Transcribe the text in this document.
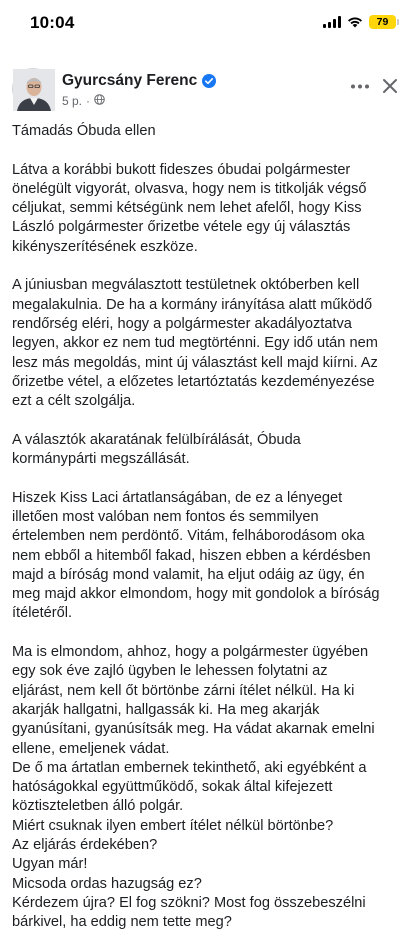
10:04	79
Gyurcsány Ferenc
5 p. ·

Támadás Óbuda ellen

Látva a korábbi bukott fideszes óbudai polgármester
önelégült vigyorát, olvasva, hogy nem is titkolják végső
céljukat, semmi kétségünk nem lehet afelől, hogy Kiss
László polgármester őrizetbe vétele egy új választás
kikényszerítésének eszköze.

A júniusban megválasztott testületnek októberben kell
megalakulnia. De ha a kormány irányítása alatt működő
rendőrség eléri, hogy a polgármester akadályoztatva
legyen, akkor ez nem tud megtörténni. Egy idő után nem
lesz más megoldás, mint új választást kell majd kiírni. Az
őrizetbe vétel, a előzetes letartóztatás kezdeményezése
ezt a célt szolgálja.

A választók akaratának felülbírálását, Óbuda
kormánypárti megszállását.

Hiszek Kiss Laci ártatlanságában, de ez a lényeget
illetően most valóban nem fontos és semmilyen
értelemben nem perdöntő. Vitám, felháborodásom oka
nem ebből a hitemből fakad, hiszen ebben a kérdésben
majd a bíróság mond valamit, ha eljut odáig az ügy, én
meg majd akkor elmondom, hogy mit gondolok a bíróság
ítéletéről.

Ma is elmondom, ahhoz, hogy a polgármester ügyében
egy sok éve zajló ügyben le lehessen folytatni az
eljárást, nem kell őt börtönbe zárni ítélet nélkül. Ha ki
akarják hallgatni, hallgassák ki. Ha meg akarják
gyanúsítani, gyanúsítsák meg. Ha vádat akarnak emelni
ellene, emeljenek vádat.
De ő ma ártatlan embernek tekinthető, aki egyébként a
hatóságokkal együttműködő, sokak által kifejezett
köztiszteletben álló polgár.
Miért csuknak ilyen embert ítélet nélkül börtönbe?
Az eljárás érdekében?
Ugyan már!
Micsoda ordas hazugság ez?
Kérdezem újra? El fog szökni? Most fog összebeszélni
bárkivel, ha eddig nem tette meg?
